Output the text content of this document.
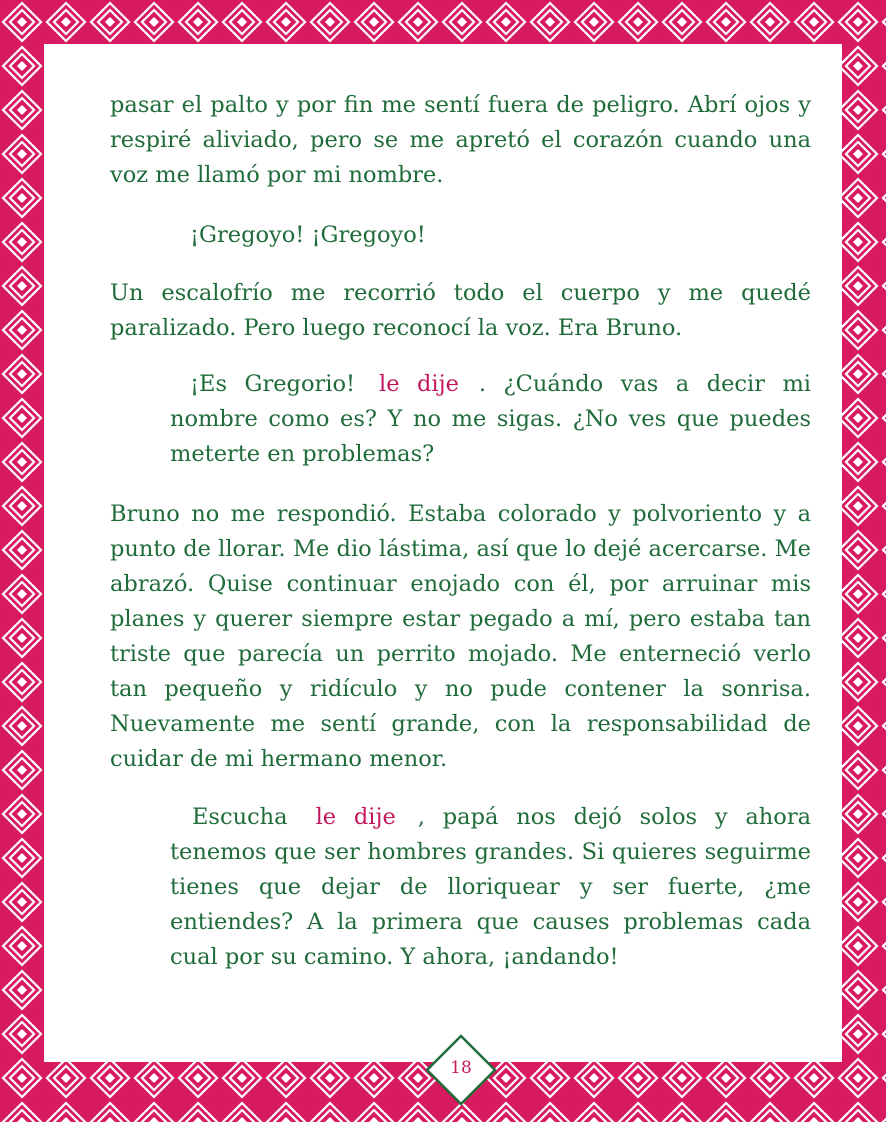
pasar el palto y por fin me sentí fuera de peligro. Abrí ojos y respiré aliviado, pero se me apretó el corazón cuando una voz me llamó por mi nombre.

¡Gregoyo! ¡Gregoyo!

Un escalofrío me recorrió todo el cuerpo y me quedé paralizado. Pero luego reconocí la voz. Era Bruno.

¡Es Gregorio! le dije . ¿Cuándo vas a decir mi nombre como es? Y no me sigas. ¿No ves que puedes meterte en problemas?

Bruno no me respondió. Estaba colorado y polvoriento y a punto de llorar. Me dio lástima, así que lo dejé acercarse. Me abrazó. Quise continuar enojado con él, por arruinar mis planes y querer siempre estar pegado a mí, pero estaba tan triste que parecía un perrito mojado. Me enterneció verlo tan pequeño y ridículo y no pude contener la sonrisa. Nuevamente me sentí grande, con la responsabilidad de cuidar de mi hermano menor.

Escucha le dije , papá nos dejó solos y ahora tenemos que ser hombres grandes. Si quieres seguirme tienes que dejar de lloriquear y ser fuerte, ¿me entiendes? A la primera que causes problemas cada cual por su camino. Y ahora, ¡andando!

18
